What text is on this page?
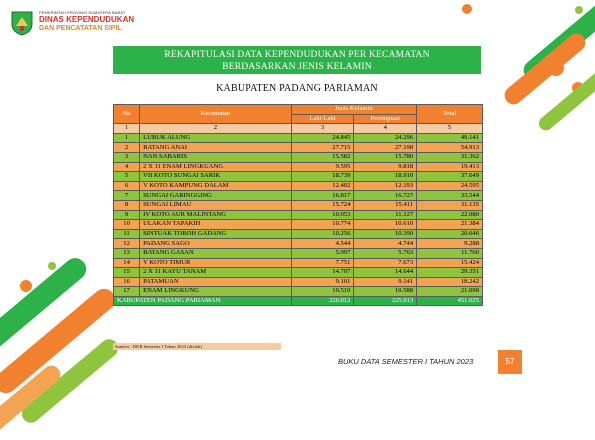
PEMERINTAH PROVINSI SUMATERA BARAT
DINAS KEPENDUDUKAN
DAN PENCATATAN SIPIL
REKAPITULASI DATA KEPENDUDUKAN PER KECAMATAN
BERDASARKAN JENIS KELAMIN
KABUPATEN PADANG PARIAMAN
No	Kecamatan	Jenis Kelamin		Total
		Laki-Laki	Perempuan	
1	2	3	4	5
1	LUBUK ALUNG	24.845	24.296	49.141
2	BATANG ANAI	27.715	27.198	54.913
3	NAN SABARIS	15.582	15.780	31.362
4	2 X 11 ENAM LINGKUANG	9.595	9.818	19.413
5	VII KOTO SUNGAI SARIK	18.739	18.910	37.649
6	V KOTO KAMPUNG DALAM	12.402	12.193	24.595
7	SUNGAI GARINGGING	16.817	16.727	33.544
8	SUNGAI LIMAU	15.724	15.411	31.135
9	IV KOTO AUR MALINTANG	10.953	11.127	22.080
10	ULAKAN TAPAKIH	10.774	10.610	21.384
11	SINTUAK TOBOH GADANG	10.256	10.390	20.646
12	PADANG SAGO	4.544	4.744	9.288
13	BATANG GASAN	5.997	5.763	11.760
14	V KOTO TIMUR	7.751	7.673	15.424
15	2 X 11 KAYU TANAM	14.707	14.644	29.351
16	PATAMUAN	9.101	9.141	18.242
17	ENAM LINGKUNG	10.510	10.588	21.098
KABUPATEN PADANG PARIAMAN		226.012	225.013	451.025
Sumber : DKB Semester I Tahun 2023 (diolah)
BUKU DATA SEMESTER I TAHUN 2023	57
